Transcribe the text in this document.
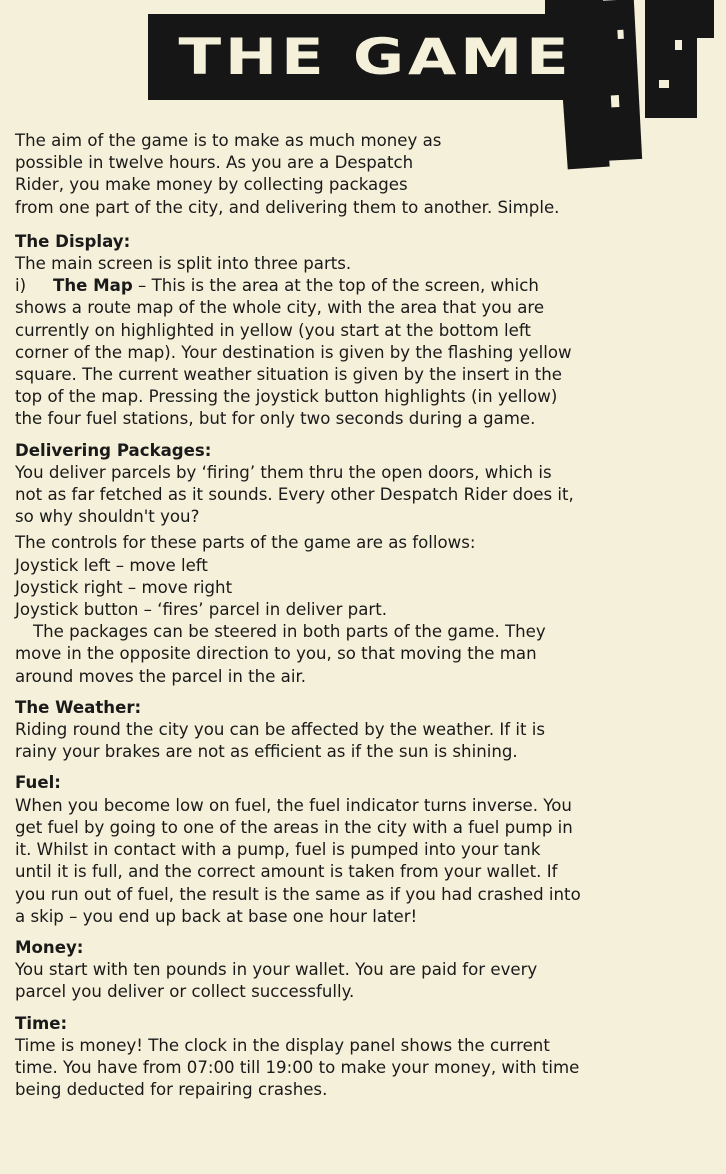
THE GAME

The aim of the game is to make as much money as

possible in twelve hours. As you are a Despatch

Rider, you make money by collecting packages

from one part of the city, and delivering them to another. Simple.

The Display:

The main screen is split into three parts.

i) The Map – This is the area at the top of the screen, which

shows a route map of the whole city, with the area that you are

currently on highlighted in yellow (you start at the bottom left

corner of the map). Your destination is given by the flashing yellow

square. The current weather situation is given by the insert in the

top of the map. Pressing the joystick button highlights (in yellow)

the four fuel stations, but for only two seconds during a game.

Delivering Packages:

You deliver parcels by ‘firing’ them thru the open doors, which is

not as far fetched as it sounds. Every other Despatch Rider does it,

so why shouldn't you?

The controls for these parts of the game are as follows:

Joystick left – move left

Joystick right – move right

Joystick button – ‘fires’ parcel in deliver part.

The packages can be steered in both parts of the game. They

move in the opposite direction to you, so that moving the man

around moves the parcel in the air.

The Weather:

Riding round the city you can be affected by the weather. If it is

rainy your brakes are not as efficient as if the sun is shining.

Fuel:

When you become low on fuel, the fuel indicator turns inverse. You

get fuel by going to one of the areas in the city with a fuel pump in

it. Whilst in contact with a pump, fuel is pumped into your tank

until it is full, and the correct amount is taken from your wallet. If

you run out of fuel, the result is the same as if you had crashed into

a skip – you end up back at base one hour later!

Money:

You start with ten pounds in your wallet. You are paid for every

parcel you deliver or collect successfully.

Time:

Time is money! The clock in the display panel shows the current

time. You have from 07:00 till 19:00 to make your money, with time

being deducted for repairing crashes.
